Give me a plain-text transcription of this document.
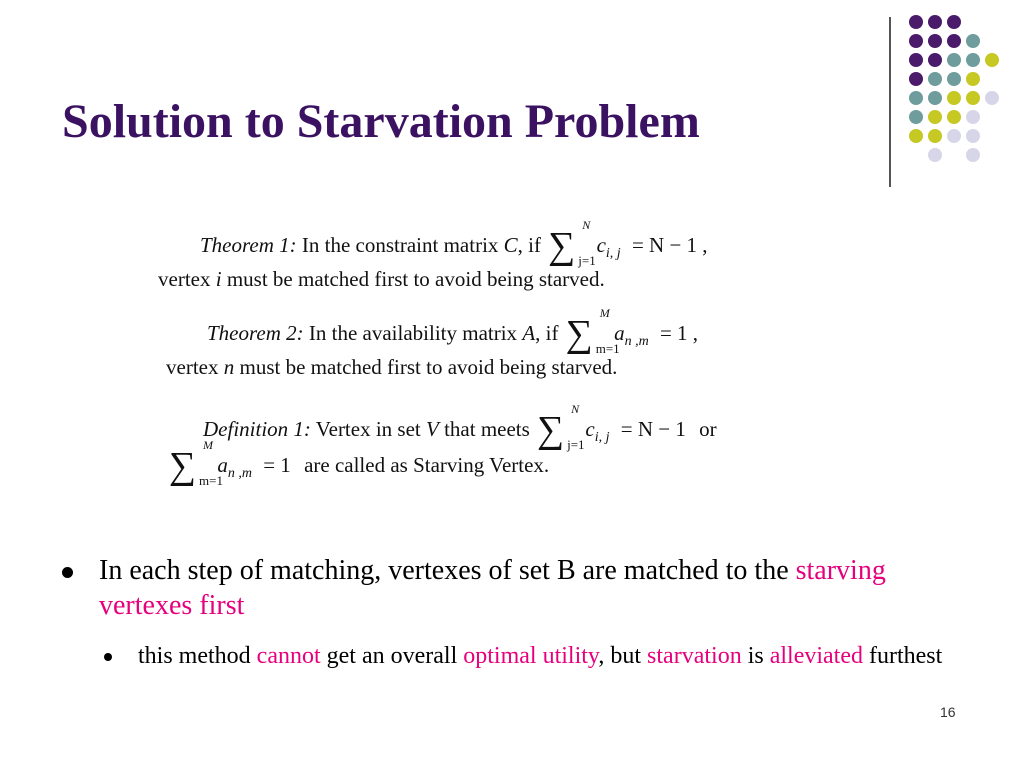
Solution to Starvation Problem
Theorem 1: In the constraint matrix C, if ∑ N
j=1
$c_{i, j} = N - 1$ ,
vertex i must be matched first to avoid being starved.
Theorem 2: In the availability matrix A, if ∑ M
m=1
$a_{n ,m} = 1$ ,
vertex n must be matched first to avoid being starved.
Definition 1: Vertex in set V that meets ∑ N
j=1
$c_{i, j} = N - 1$ or
∑ M
m=1
$a_{n ,m} = 1$ are called as Starving Vertex.
In each step of matching, vertexes of set B are matched to the starving vertexes first
this method cannot get an overall optimal utility, but starvation is alleviated furthest
16
